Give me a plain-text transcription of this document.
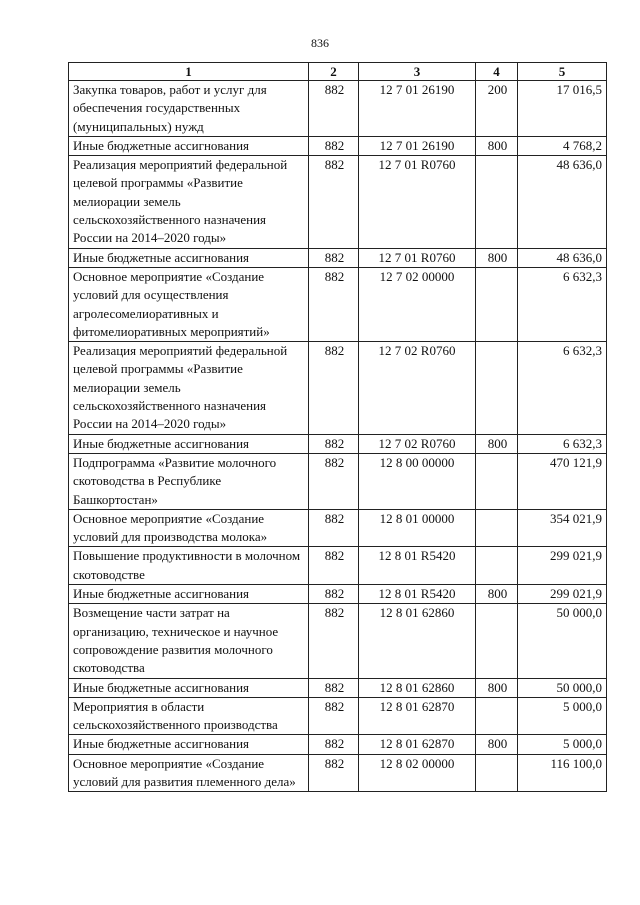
836
1	2	3	4	5
Закупка товаров, работ и услуг для обеспечения государственных (муниципальных) нужд	882	12 7 01 26190	200	17 016,5
Иные бюджетные ассигнования	882	12 7 01 26190	800	4 768,2
Реализация мероприятий федеральной целевой программы «Развитие мелиорации земель сельскохозяйственного назначения России на 2014–2020 годы»	882	12 7 01 R0760		48 636,0
Иные бюджетные ассигнования	882	12 7 01 R0760	800	48 636,0
Основное мероприятие «Создание условий для осуществления агролесомелиоративных и фитомелиоративных мероприятий»	882	12 7 02 00000		6 632,3
Реализация мероприятий федеральной целевой программы «Развитие мелиорации земель сельскохозяйственного назначения России на 2014–2020 годы»	882	12 7 02 R0760		6 632,3
Иные бюджетные ассигнования	882	12 7 02 R0760	800	6 632,3
Подпрограмма «Развитие молочного скотоводства в Республике Башкортостан»	882	12 8 00 00000		470 121,9
Основное мероприятие «Создание условий для производства молока»	882	12 8 01 00000		354 021,9
Повышение продуктивности в молочном скотоводстве	882	12 8 01 R5420		299 021,9
Иные бюджетные ассигнования	882	12 8 01 R5420	800	299 021,9
Возмещение части затрат на организацию, техническое и научное сопровождение развития молочного скотоводства	882	12 8 01 62860		50 000,0
Иные бюджетные ассигнования	882	12 8 01 62860	800	50 000,0
Мероприятия в области сельскохозяйственного производства	882	12 8 01 62870		5 000,0
Иные бюджетные ассигнования	882	12 8 01 62870	800	5 000,0
Основное мероприятие «Создание условий для развития племенного дела»	882	12 8 02 00000		116 100,0
